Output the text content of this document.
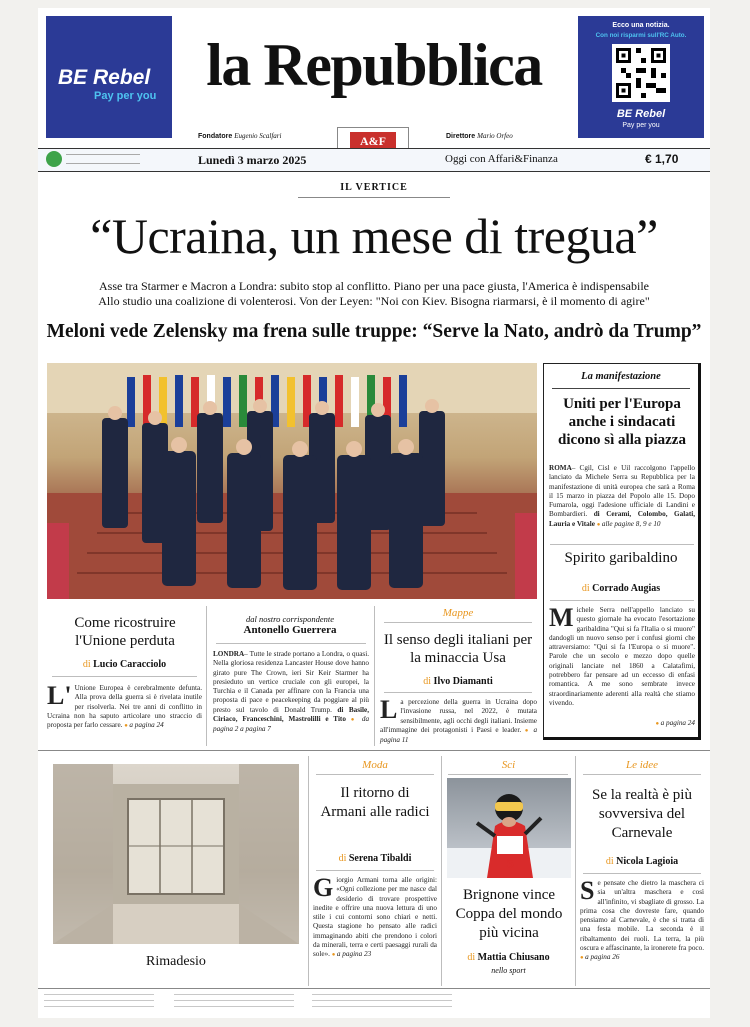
BE Rebel
Pay per you la Repubblica
Ecco una notizia.
Con noi risparmi sull'RC Auto.
BE Rebel
Pay per you
Fondatore Eugenio Scalfari	Direttore Mario Orfeo
A&F
Lunedì 3 marzo 2025	Oggi con Affari&Finanza	€ 1,70
IL VERTICE
“Ucraina, un mese di tregua”
Asse tra Starmer e Macron a Londra: subito stop al conflitto. Piano per una pace giusta, l'America è indispensabile
Allo studio una coalizione di volenterosi. Von der Leyen: "Noi con Kiev. Bisogna riarmarsi, è il momento di agire"
Meloni vede Zelensky ma frena sulle truppe: “Serve la Nato, andrò da Trump”
La manifestazione
Uniti per l'Europa anche i sindacati dicono sì alla piazza
ROMA– Cgil, Cisl e Uil raccolgono l'appello lanciato da Michele Serra su Repubblica per la manifestazione di unità europea che sarà a Roma il 15 marzo in piazza del Popolo alle 15. Dopo Fumarola, oggi l'adesione ufficiale di Landini e Bombardieri. di Cerami, Colombo, Galati, Lauria e Vitale ● alle pagine 8, 9 e 10
Spirito garibaldino
di Corrado Augias
Michele Serra nell'appello lanciato su questo giornale ha evocato l'esortazione garibaldina "Qui si fa l'Italia o si muore" dandogli un nuovo senso per i confusi giorni che attraversiamo: "Qui si fa l'Europa o si muore". Parole che un secolo e mezzo dopo quelle originali lanciate nel 1860 a Calatafimi, potrebbero far pensare ad un eccesso di enfasi romantica. A me sono sembrate invece straordinariamente aderenti alla realtà che stiamo vivendo.
● a pagina 24
Come ricostruire l'Unione perduta
di Lucio Caracciolo
L' Unione Europea è cerebralmente defunta. Alla prova della guerra si è rivelata inutile per risolverla. Nei tre anni di conflitto in Ucraina non ha saputo articolare uno straccio di proposta per farlo cessare. ● a pagina 24
dal nostro corrispondente
Antonello Guerrera
LONDRA– Tutte le strade portano a Londra, o quasi. Nella gloriosa residenza Lancaster House dove hanno girato pure The Crown, ieri Sir Keir Starmer ha presieduto un vertice cruciale con gli europei, la Turchia e il Canada per affinare con la Francia una proposta di pace e peacekeeping da poggiare al più presto sul tavolo di Donald Trump. di Basile, Ciriaco, Franceschini, Mastrolilli e Tito ● da pagina 2 a pagina 7
Mappe
Il senso degli italiani per la minaccia Usa
di Ilvo Diamanti
La percezione della guerra in Ucraina dopo l'invasione russa, nel 2022, è mutata sensibilmente, agli occhi degli italiani. Insieme all'immagine dei protagonisti i Paesi e leader. ● a pagina 11
Rimadesio
Moda
Il ritorno di Armani alle radici
di Serena Tibaldi
Giorgio Armani torna alle origini: «Ogni collezione per me nasce dal desiderio di trovare prospettive inedite e offrire una nuova lettura di uno stile i cui contorni sono chiari e netti. Questa stagione ho pensato alle radici immaginando abiti che prendono i colori da minerali, terra e certi paesaggi rurali da sole». ● a pagina 23
Sci
5
Brignone vince Coppa del mondo più vicina
di Mattia Chiusano
nello sport
Le idee
Se la realtà è più sovversiva del Carnevale
di Nicola Lagioia
Se pensate che dietro la maschera ci sia un'altra maschera e così all'infinito, vi sbagliate di grosso. La prima cosa che dovreste fare, quando pensiamo al Carnevale, è che si tratta di una festa mobile. La seconda è il ribaltamento dei ruoli. La terra, la più oscura e affascinante, la ironerete fra poco. ● a pagina 26
